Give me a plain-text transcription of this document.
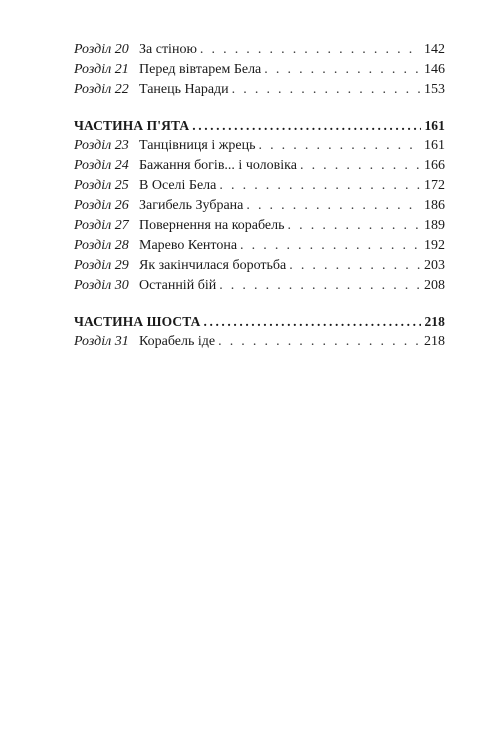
Розділ 20 За стіною . . .	142
Розділ 21 Перед вівтарем Бела . . .	146
Розділ 22 Танець Наради . . .	153
ЧАСТИНА П'ЯТА .....	161
Розділ 23 Танцівниця і жрець . . .	161
Розділ 24 Бажання богів... і чоловіка . . .	166
Розділ 25 В Оселі Бела . . .	172
Розділ 26 Загибель Зубрана . . .	186
Розділ 27 Повернення на корабель . . .	189
Розділ 28 Марево Кентона . . .	192
Розділ 29 Як закінчилася боротьба . . .	203
Розділ 30 Останній бій . . .	208
ЧАСТИНА ШОСТА .....	218
Розділ 31 Корабель іде . . .	218
